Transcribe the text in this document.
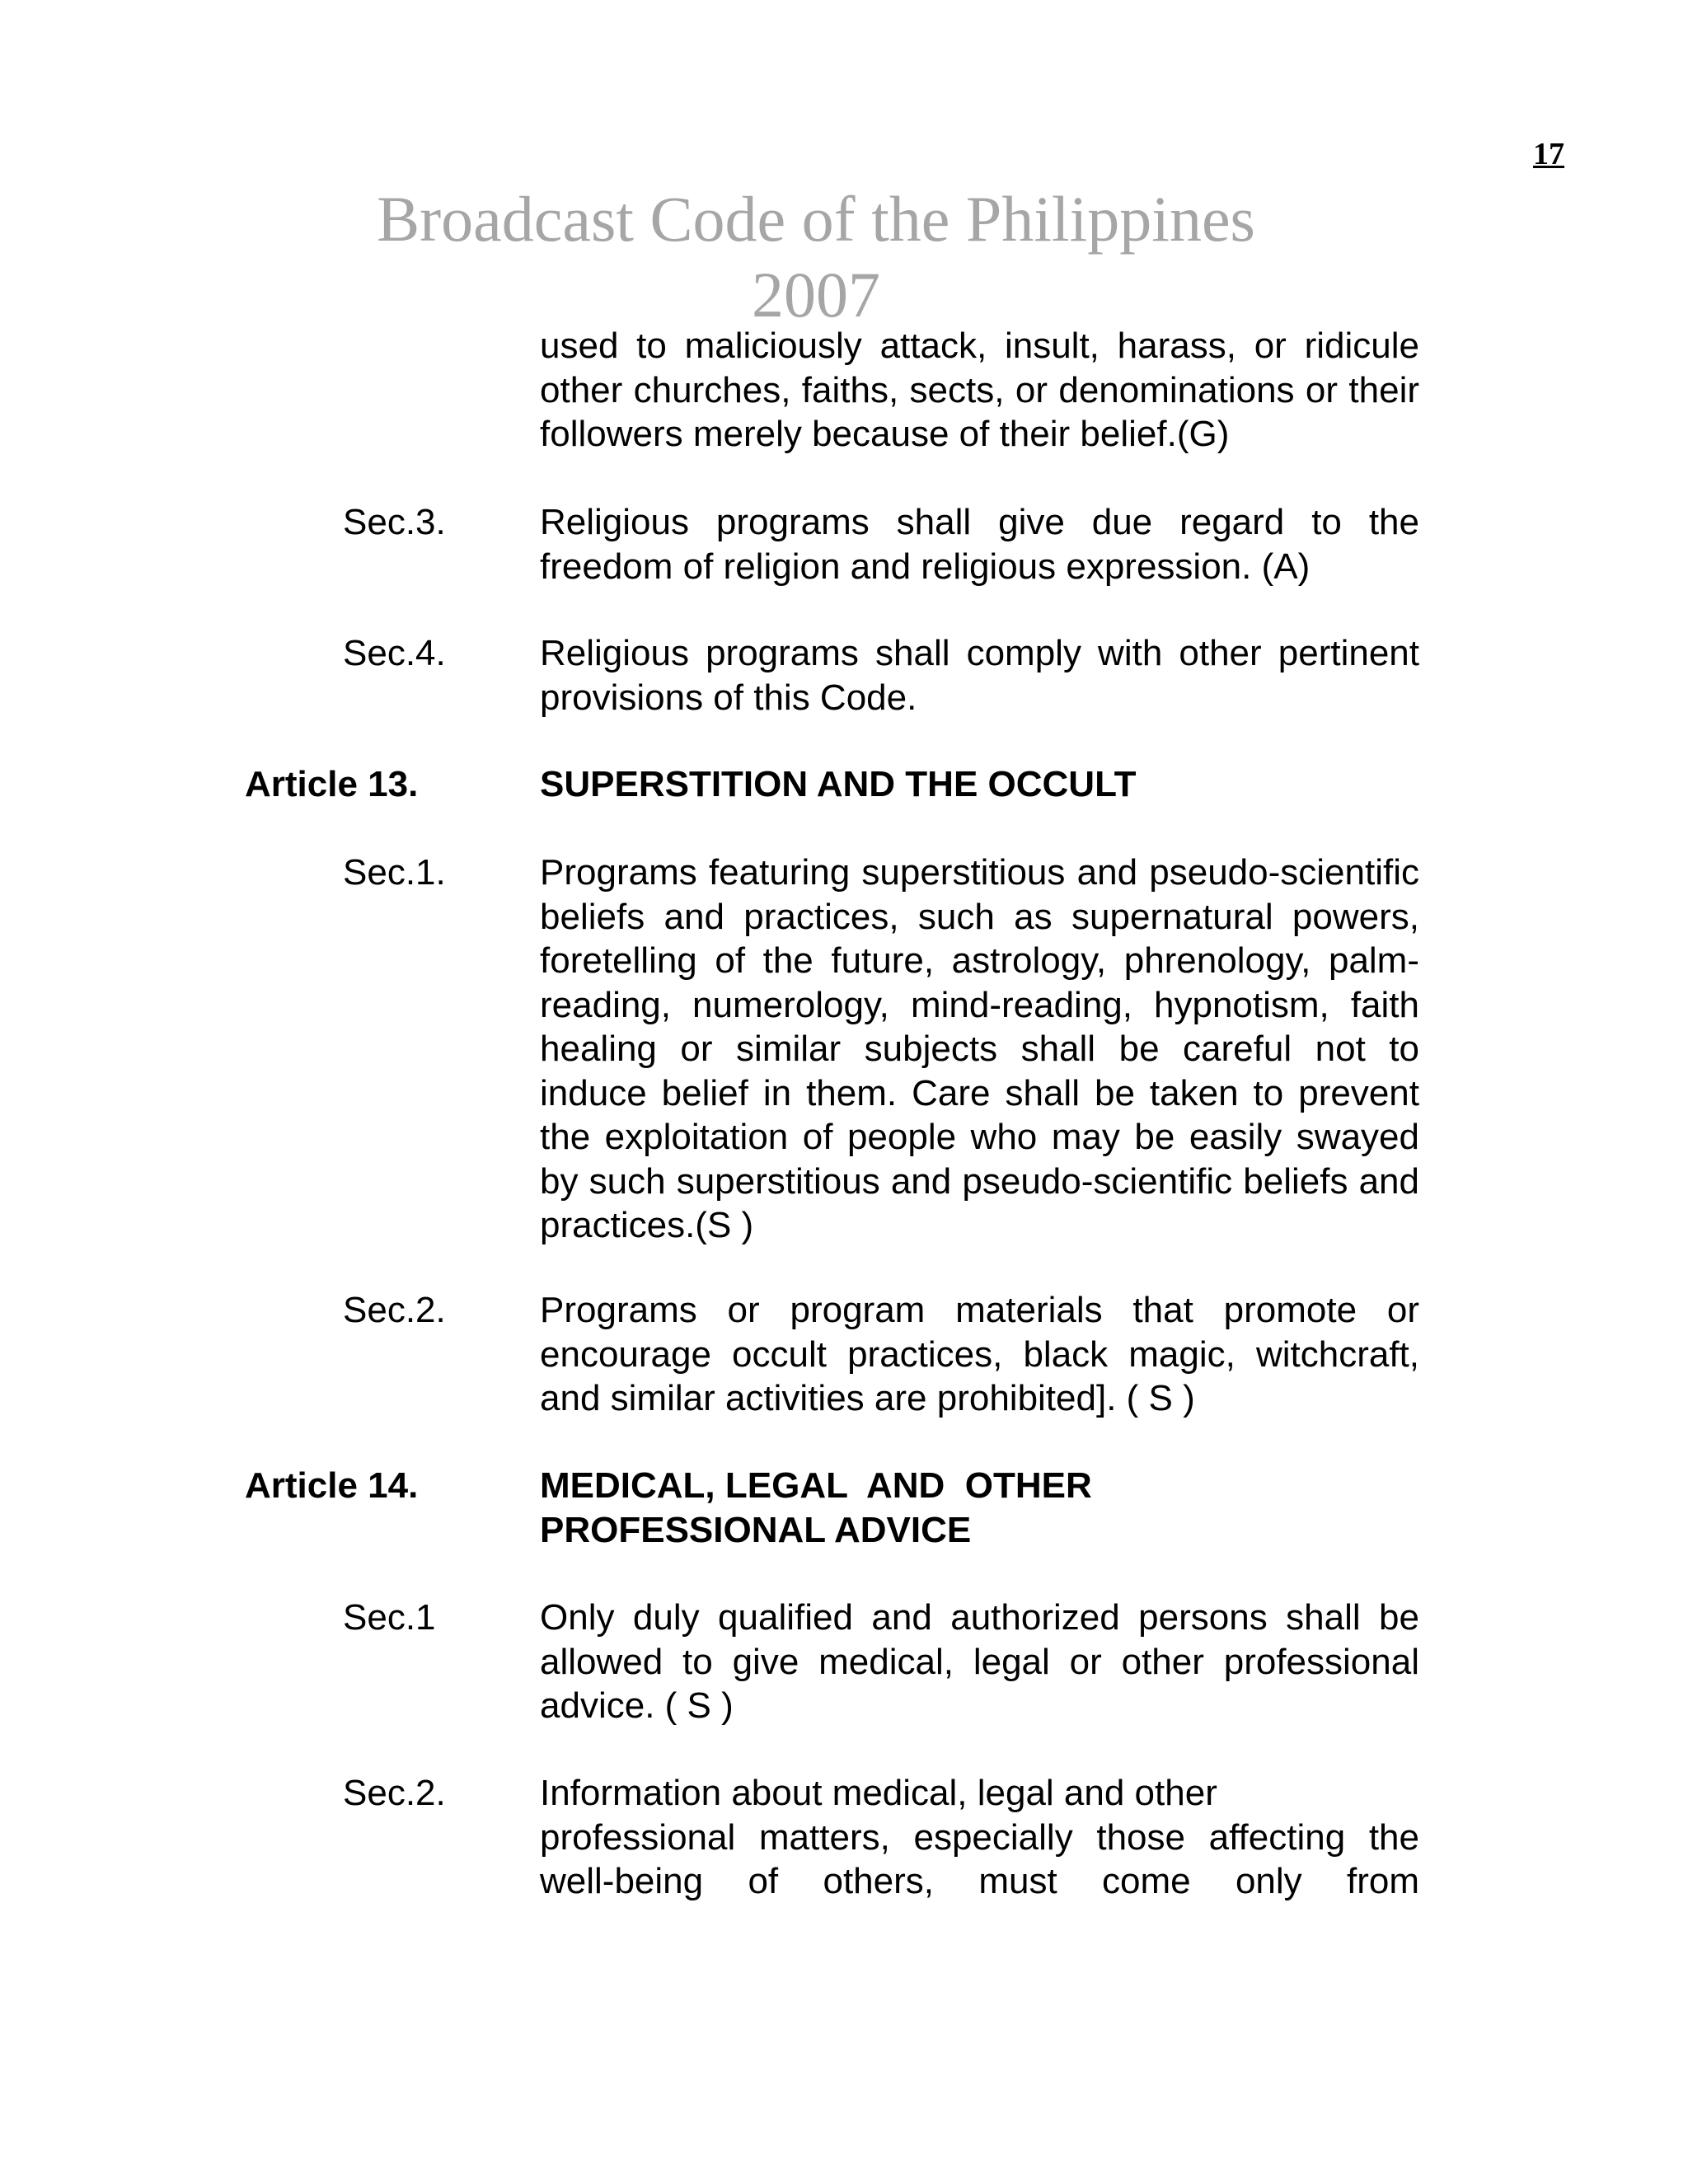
17
Broadcast Code of the Philippines
2007
used to maliciously attack, insult, harass, or ridicule other churches, faiths, sects, or denominations or their followers merely because of their belief.(G)
Sec.3.	Religious programs shall give due regard to the freedom of religion and religious expression. (A)
Sec.4.	Religious programs shall comply with other pertinent provisions of this Code.
Article 13.	SUPERSTITION AND THE OCCULT
Sec.1.	Programs featuring superstitious and pseudo-scientific beliefs and practices, such as supernatural powers, foretelling of the future, astrology, phrenology, palm-reading, numerology, mind-reading, hypnotism, faith healing or similar subjects shall be careful not to induce belief in them. Care shall be taken to prevent the exploitation of people who may be easily swayed by such superstitious and pseudo-scientific beliefs and practices.(S )
Sec.2.	Programs or program materials that promote or encourage occult practices, black magic, witchcraft, and similar activities are prohibited]. ( S )
Article 14.	MEDICAL, LEGAL  AND  OTHER
PROFESSIONAL ADVICE
Sec.1	Only duly qualified and authorized persons shall be allowed to give medical, legal or other professional advice. ( S )
Sec.2.	Information about medical, legal and other
professional matters, especially those affecting the well-being of others, must come only from
